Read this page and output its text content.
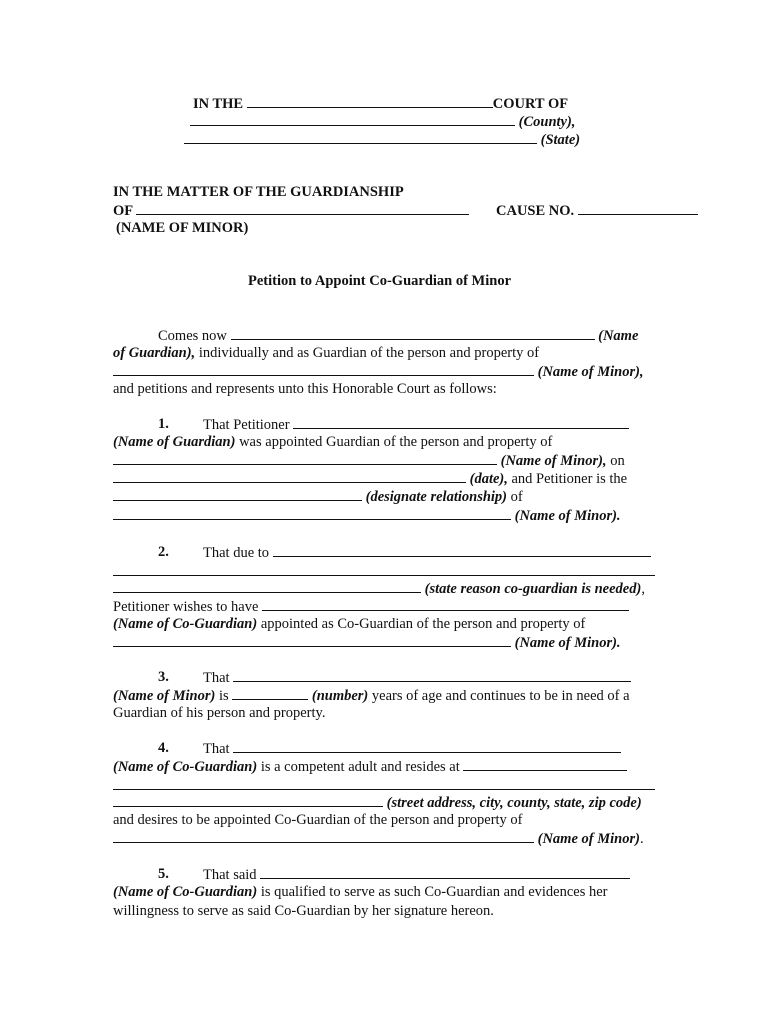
IN THE	COURT OF
(County),
(State)
IN THE MATTER OF THE GUARDIANSHIP
OF	CAUSE NO.
(NAME OF MINOR)
Petition to Appoint Co-Guardian of Minor
Comes now	(Name
of Guardian), individually and as Guardian of the person and property of
(Name of Minor),
and petitions and represents unto this Honorable Court as follows:
1. That Petitioner
(Name of Guardian) was appointed Guardian of the person and property of
(Name of Minor), on
(date), and Petitioner is the
(designate relationship) of
(Name of Minor).
2. That due to
(state reason co-guardian is needed),
Petitioner wishes to have
(Name of Co-Guardian) appointed as Co-Guardian of the person and property of
(Name of Minor).
3. That
(Name of Minor) is	(number) years of age and continues to be in need of a
Guardian of his person and property.
4. That
(Name of Co-Guardian) is a competent adult and resides at
(street address, city, county, state, zip code)
and desires to be appointed Co-Guardian of the person and property of
(Name of Minor).
5. That said
(Name of Co-Guardian) is qualified to serve as such Co-Guardian and evidences her
willingness to serve as said Co-Guardian by her signature hereon.
